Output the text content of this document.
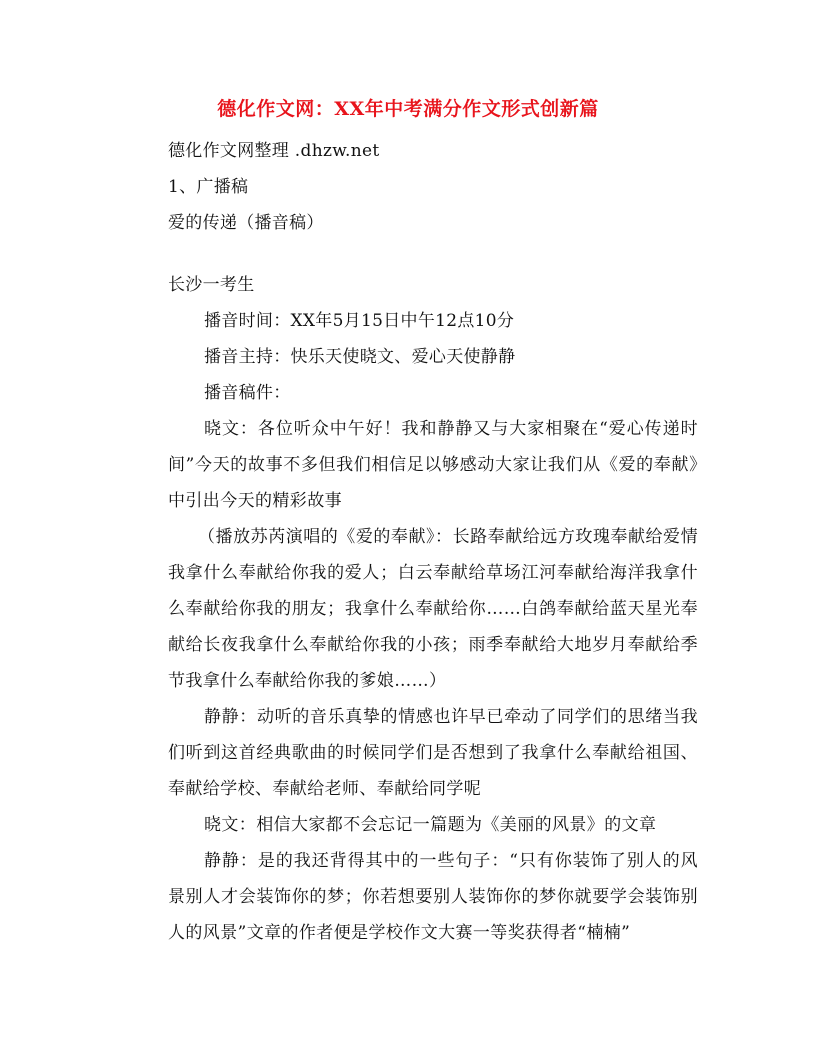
德化作文网：XX年中考满分作文形式创新篇
德化作文网整理 .dhzw.net
1、广播稿
爱的传递（播音稿）
长沙一考生
播音时间：XX年5月15日中午12点10分
播音主持：快乐天使晓文、爱心天使静静
播音稿件：
晓文：各位听众中午好！我和静静又与大家相聚在“爱心传递时间”今天的故事不多但我们相信足以够感动大家让我们从《爱的奉献》中引出今天的精彩故事
（播放苏芮演唱的《爱的奉献》：长路奉献给远方玫瑰奉献给爱情我拿什么奉献给你我的爱人；白云奉献给草场江河奉献给海洋我拿什么奉献给你我的朋友；我拿什么奉献给你……白鸽奉献给蓝天星光奉献给长夜我拿什么奉献给你我的小孩；雨季奉献给大地岁月奉献给季节我拿什么奉献给你我的爹娘……）
静静：动听的音乐真挚的情感也许早已牵动了同学们的思绪当我们听到这首经典歌曲的时候同学们是否想到了我拿什么奉献给祖国、奉献给学校、奉献给老师、奉献给同学呢
晓文：相信大家都不会忘记一篇题为《美丽的风景》的文章
静静：是的我还背得其中的一些句子：“只有你装饰了别人的风景别人才会装饰你的梦；你若想要别人装饰你的梦你就要学会装饰别人的风景”文章的作者便是学校作文大赛一等奖获得者“楠楠”
